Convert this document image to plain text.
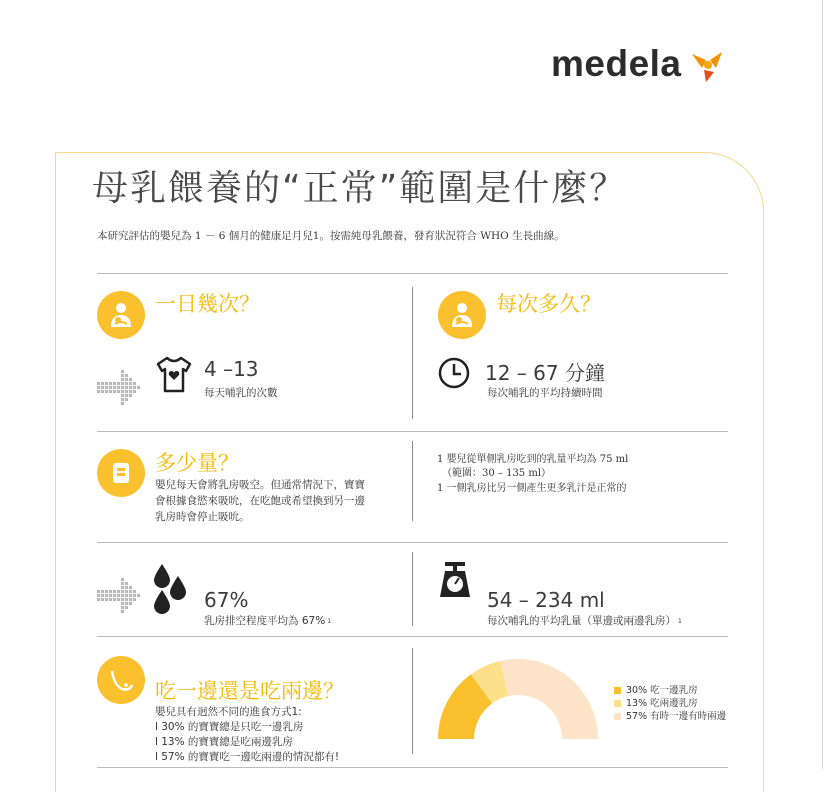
medela
母乳餵養的“正常”範圍是什麼？
本研究評估的嬰兒為 1 － 6 個月的健康足月兒1。按需純母乳餵養，發育狀況符合 WHO 生長曲線。
一日幾次？
4 –13
每天哺乳的次數
每次多久？
12 – 67 分鐘
每次哺乳的平均持續時間
多少量？
嬰兒每天會將乳房吸空。但通常情況下，寶寶會根據食慾來吸吮，在吃飽或希望換到另一邊乳房時會停止吸吮。
1 嬰兒從單側乳房吃到的乳量平均為 75 ml
（範圍：30 – 135 ml）
1 一側乳房比另一側產生更多乳汁是正常的
67%
乳房排空程度平均為 67% 1
54 – 234 ml
每次哺乳的平均乳量（單邊或兩邊乳房） 1
吃一邊還是吃兩邊？
嬰兒具有迥然不同的進食方式1:
l 30% 的寶寶總是只吃一邊乳房
l 13% 的寶寶總是吃兩邊乳房
l 57% 的寶寶吃一邊吃兩邊的情況都有!
30% 吃一邊乳房
13% 吃兩邊乳房
57% 有時一邊有時兩邊
